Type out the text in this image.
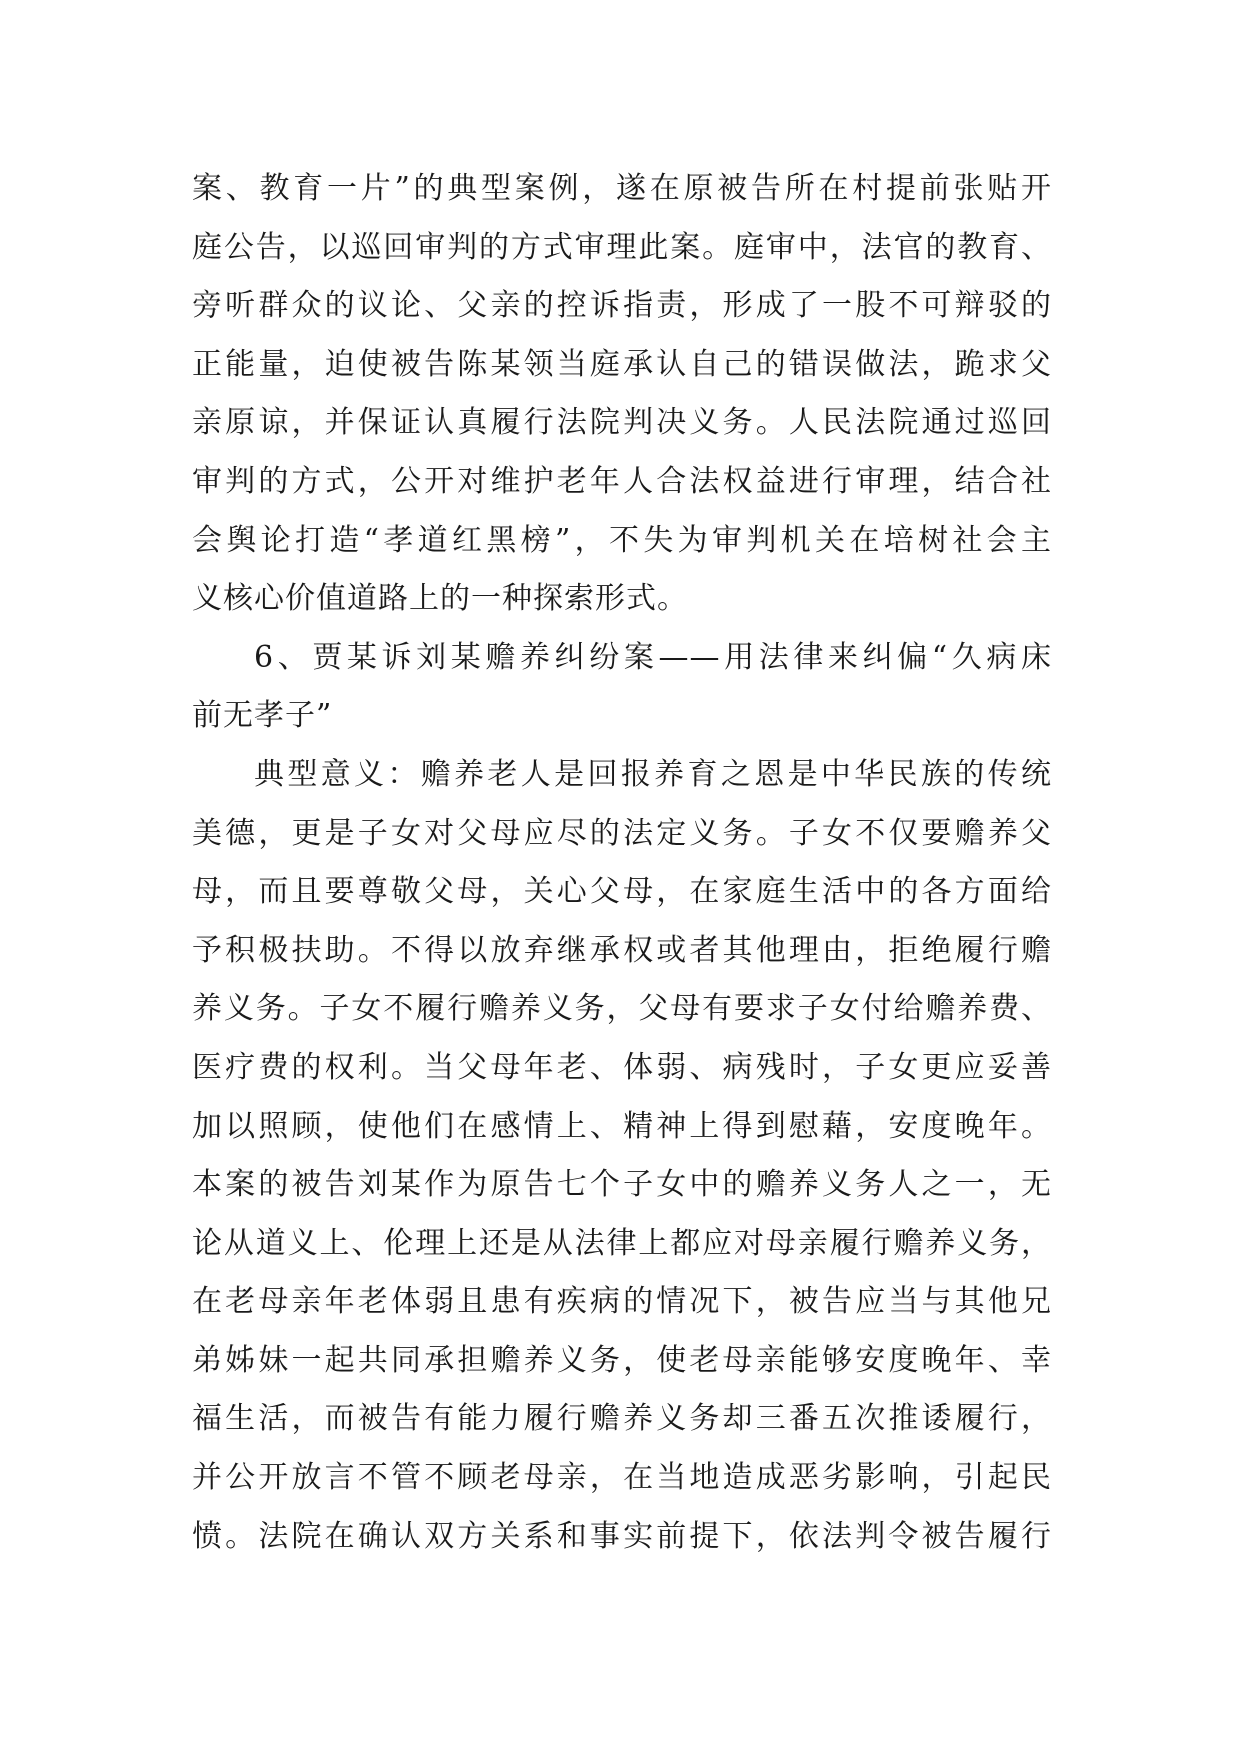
案、教育一片”的典型案例，遂在原被告所在村提前张贴开
庭公告，以巡回审判的方式审理此案。庭审中，法官的教育、
旁听群众的议论、父亲的控诉指责，形成了一股不可辩驳的
正能量，迫使被告陈某领当庭承认自己的错误做法，跪求父
亲原谅，并保证认真履行法院判决义务。人民法院通过巡回
审判的方式，公开对维护老年人合法权益进行审理，结合社
会舆论打造“孝道红黑榜”，不失为审判机关在培树社会主
义核心价值道路上的一种探索形式。
6、贾某诉刘某赡养纠纷案——用法律来纠偏“久病床
前无孝子”
典型意义：赡养老人是回报养育之恩是中华民族的传统
美德，更是子女对父母应尽的法定义务。子女不仅要赡养父
母，而且要尊敬父母，关心父母，在家庭生活中的各方面给
予积极扶助。不得以放弃继承权或者其他理由，拒绝履行赡
养义务。子女不履行赡养义务，父母有要求子女付给赡养费、
医疗费的权利。当父母年老、体弱、病残时，子女更应妥善
加以照顾，使他们在感情上、精神上得到慰藉，安度晚年。
本案的被告刘某作为原告七个子女中的赡养义务人之一，无
论从道义上、伦理上还是从法律上都应对母亲履行赡养义务，
在老母亲年老体弱且患有疾病的情况下，被告应当与其他兄
弟姊妹一起共同承担赡养义务，使老母亲能够安度晚年、幸
福生活，而被告有能力履行赡养义务却三番五次推诿履行，
并公开放言不管不顾老母亲，在当地造成恶劣影响，引起民
愤。法院在确认双方关系和事实前提下，依法判令被告履行
